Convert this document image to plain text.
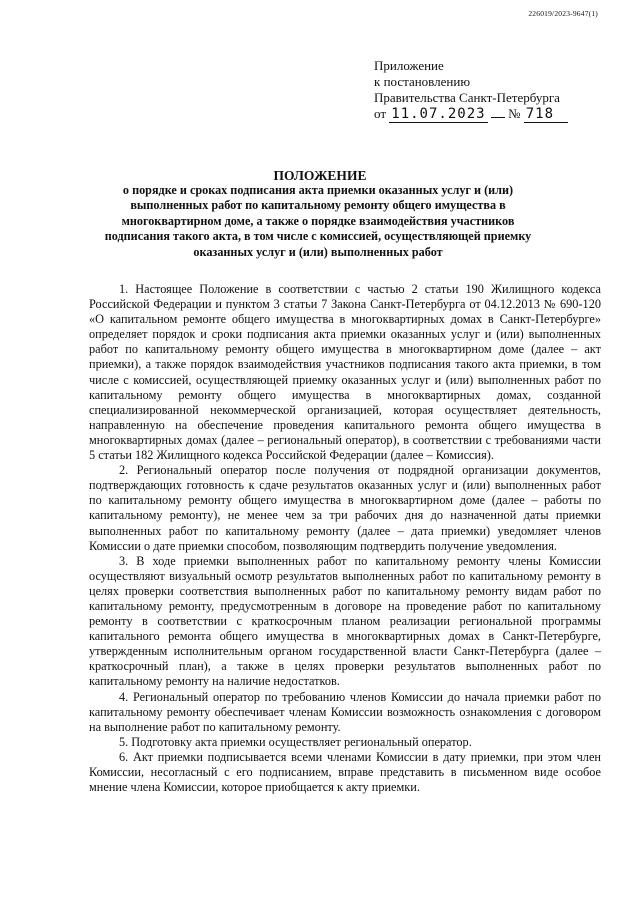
226019/2023-9647(1)
Приложение
к постановлению
Правительства Санкт-Петербурга
от 11.07.2023 № 718
ПОЛОЖЕНИЕ
о порядке и сроках подписания акта приемки оказанных услуг и (или) выполненных работ по капитальному ремонту общего имущества в многоквартирном доме, а также о порядке взаимодействия участников подписания такого акта, в том числе с комиссией, осуществляющей приемку оказанных услуг и (или) выполненных работ

1. Настоящее Положение в соответствии с частью 2 статьи 190 Жилищного кодекса Российской Федерации и пунктом 3 статьи 7 Закона Санкт-Петербурга от 04.12.2013 № 690-120 «О капитальном ремонте общего имущества в многоквартирных домах в Санкт-Петербурге» определяет порядок и сроки подписания акта приемки оказанных услуг и (или) выполненных работ по капитальному ремонту общего имущества в многоквартирном доме (далее – акт приемки), а также порядок взаимодействия участников подписания такого акта приемки, в том числе с комиссией, осуществляющей приемку оказанных услуг и (или) выполненных работ по капитальному ремонту общего имущества в многоквартирных домах, созданной специализированной некоммерческой организацией, которая осуществляет деятельность, направленную на обеспечение проведения капитального ремонта общего имущества в многоквартирных домах (далее – региональный оператор), в соответствии с требованиями части 5 статьи 182 Жилищного кодекса Российской Федерации (далее – Комиссия).

2. Региональный оператор после получения от подрядной организации документов, подтверждающих готовность к сдаче результатов оказанных услуг и (или) выполненных работ по капитальному ремонту общего имущества в многоквартирном доме (далее – работы по капитальному ремонту), не менее чем за три рабочих дня до назначенной даты приемки выполненных работ по капитальному ремонту (далее – дата приемки) уведомляет членов Комиссии о дате приемки способом, позволяющим подтвердить получение уведомления.

3. В ходе приемки выполненных работ по капитальному ремонту члены Комиссии осуществляют визуальный осмотр результатов выполненных работ по капитальному ремонту в целях проверки соответствия выполненных работ по капитальному ремонту видам работ по капитальному ремонту, предусмотренным в договоре на проведение работ по капитальному ремонту в соответствии с краткосрочным планом реализации региональной программы капитального ремонта общего имущества в многоквартирных домах в Санкт-Петербурге, утвержденным исполнительным органом государственной власти Санкт-Петербурга (далее – краткосрочный план), а также в целях проверки результатов выполненных работ по капитальному ремонту на наличие недостатков.

4. Региональный оператор по требованию членов Комиссии до начала приемки работ по капитальному ремонту обеспечивает членам Комиссии возможность ознакомления с договором на выполнение работ по капитальному ремонту.

5. Подготовку акта приемки осуществляет региональный оператор.

6. Акт приемки подписывается всеми членами Комиссии в дату приемки, при этом член Комиссии, несогласный с его подписанием, вправе представить в письменном виде особое мнение члена Комиссии, которое приобщается к акту приемки.
